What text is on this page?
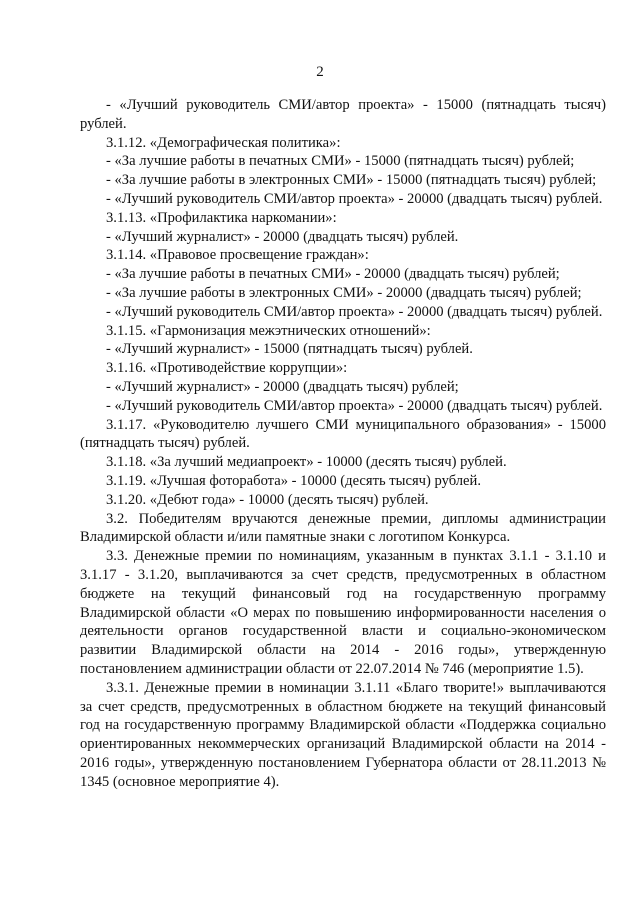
2
- «Лучший руководитель СМИ/автор проекта» - 15000 (пятнадцать тысяч) рублей.
3.1.12. «Демографическая политика»:
- «За лучшие работы в печатных СМИ» - 15000 (пятнадцать тысяч) рублей;
- «За лучшие работы в электронных СМИ» - 15000 (пятнадцать тысяч) рублей;
- «Лучший руководитель СМИ/автор проекта» - 20000 (двадцать тысяч) рублей.
3.1.13. «Профилактика наркомании»:
- «Лучший журналист» - 20000 (двадцать тысяч) рублей.
3.1.14. «Правовое просвещение граждан»:
- «За лучшие работы в печатных СМИ» - 20000 (двадцать тысяч) рублей;
- «За лучшие работы в электронных СМИ» - 20000 (двадцать тысяч) рублей;
- «Лучший руководитель СМИ/автор проекта» - 20000 (двадцать тысяч) рублей.
3.1.15. «Гармонизация межэтнических отношений»:
- «Лучший журналист» - 15000 (пятнадцать тысяч) рублей.
3.1.16. «Противодействие коррупции»:
- «Лучший журналист» - 20000 (двадцать тысяч) рублей;
- «Лучший руководитель СМИ/автор проекта» - 20000 (двадцать тысяч) рублей.
3.1.17. «Руководителю лучшего СМИ муниципального образования» - 15000 (пятнадцать тысяч) рублей.
3.1.18. «За лучший медиапроект» - 10000 (десять тысяч) рублей.
3.1.19. «Лучшая фоторабота» - 10000 (десять тысяч) рублей.
3.1.20. «Дебют года» - 10000 (десять тысяч) рублей.
3.2. Победителям вручаются денежные премии, дипломы администрации Владимирской области и/или памятные знаки с логотипом Конкурса.
3.3. Денежные премии по номинациям, указанным в пунктах 3.1.1 - 3.1.10 и 3.1.17 - 3.1.20, выплачиваются за счет средств, предусмотренных в областном бюджете на текущий финансовый год на государственную программу Владимирской области «О мерах по повышению информированности населения о деятельности органов государственной власти и социально-экономическом развитии Владимирской области на 2014 - 2016 годы», утвержденную постановлением администрации области от 22.07.2014 № 746 (мероприятие 1.5).
3.3.1. Денежные премии в номинации 3.1.11 «Благо творите!» выплачиваются за счет средств, предусмотренных в областном бюджете на текущий финансовый год на государственную программу Владимирской области «Поддержка социально ориентированных некоммерческих организаций Владимирской области на 2014 - 2016 годы», утвержденную постановлением Губернатора области от 28.11.2013 № 1345 (основное мероприятие 4).
